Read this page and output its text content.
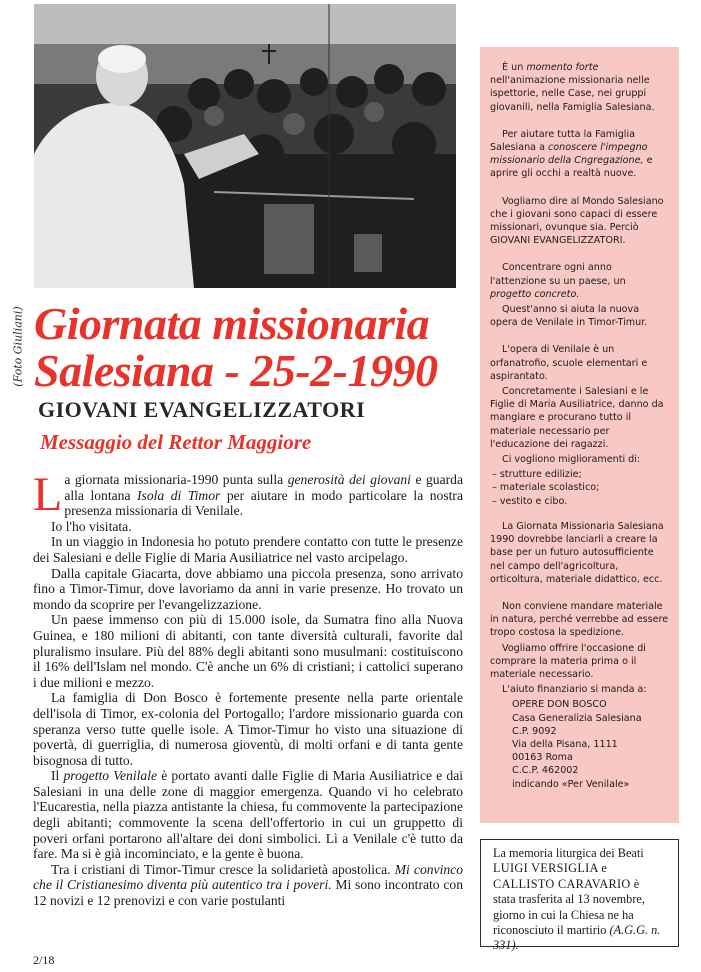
(Foto Giuliani) Giornata missionaria
Salesiana - 25-2-1990
GIOVANI EVANGELIZZATORI
Messaggio del Rettor Maggiore

La giornata missionaria-1990 punta sulla generosità dei giovani e guarda alla lontana Isola di Timor per aiutare in modo particolare la nostra presenza missionaria di Venilale.

Io l'ho visitata.

In un viaggio in Indonesia ho potuto prendere contatto con tutte le presenze dei Salesiani e delle Figlie di Maria Ausiliatrice nel vasto arcipelago.

Dalla capitale Giacarta, dove abbiamo una piccola presenza, sono arrivato fino a Timor-Timur, dove lavoriamo da anni in varie presenze. Ho trovato un mondo da scoprire per l'evangelizzazione.

Un paese immenso con più di 15.000 isole, da Sumatra fino alla Nuova Guinea, e 180 milioni di abitanti, con tante diversità culturali, favorite dal pluralismo insulare. Più del 88% degli abitanti sono musulmani: costituiscono il 16% dell'Islam nel mondo. C'è anche un 6% di cristiani; i cattolici superano i due milioni e mezzo.

La famiglia di Don Bosco è fortemente presente nella parte orientale dell'isola di Timor, ex-colonia del Portogallo; l'ardore missionario guarda con speranza verso tutte quelle isole. A Timor-Timur ho visto una situazione di povertà, di guerriglia, di numerosa gioventù, di molti orfani e di tanta gente bisognosa di tutto.

Il progetto Venilale è portato avanti dalle Figlie di Maria Ausiliatrice e dai Salesiani in una delle zone di maggior emergenza. Quando vi ho celebrato l'Eucarestia, nella piazza antistante la chiesa, fu commovente la partecipazione degli abitanti; commovente la scena dell'offertorio in cui un gruppetto di poveri orfani portarono all'altare dei doni simbolici. Lì a Venilale c'è tutto da fare. Ma si è già incominciato, e la gente è buona.

Tra i cristiani di Timor-Timur cresce la solidarietà apostolica. Mi convinco che il Cristianesimo diventa più autentico tra i poveri. Mi sono incontrato con 12 novizi e 12 prenovizi e con varie postulanti

2/18

È un momento forte nell'animazione missionaria nelle ispettorie, nelle Case, nei gruppi giovanili, nella Famiglia Salesiana.

Per aiutare tutta la Famiglia Salesiana a conoscere l'impegno missionario della Cngregazione, e aprire gli occhi a realtà nuove.

Vogliamo dire al Mondo Salesiano che i giovani sono capaci di essere missionari, ovunque sia. Perciò GIOVANI EVANGELIZZATORI.

Concentrare ogni anno l'attenzione su un paese, un progetto concreto.

Quest'anno si aiuta la nuova opera de Venilale in Timor-Timur.

L'opera di Venilale è un orfanatrofio, scuole elementari e aspirantato.

Concretamente i Salesiani e le Figlie di Maria Ausiliatrice, danno da mangiare e procurano tutto il materiale necessario per l'educazione dei ragazzi.

Ci vogliono miglioramenti di:

– strutture edilizie;
– materiale scolastico;
– vestito e cibo.

La Giornata Missionaria Salesiana 1990 dovrebbe lanciarli a creare la base per un futuro autosufficiente nel campo dell'agricoltura, orticoltura, materiale didattico, ecc.

Non conviene mandare materiale in natura, perché verrebbe ad essere tropo costosa la spedizione.

Vogliamo offrire l'occasione di comprare la materia prima o il materiale necessario.

L'aiuto finanziario si manda a:

OPERE DON BOSCO
Casa Generalizia Salesiana
C.P. 9092
Via della Pisana, 1111
00163 Roma
C.C.P. 462002
indicando «Per Venilale»
La memoria liturgica dei Beati LUIGI VERSIGLIA e CALLISTO CARAVARIO è stata trasferita al 13 novembre, giorno in cui la Chiesa ne ha riconosciuto il martirio (A.G.G. n. 331).
